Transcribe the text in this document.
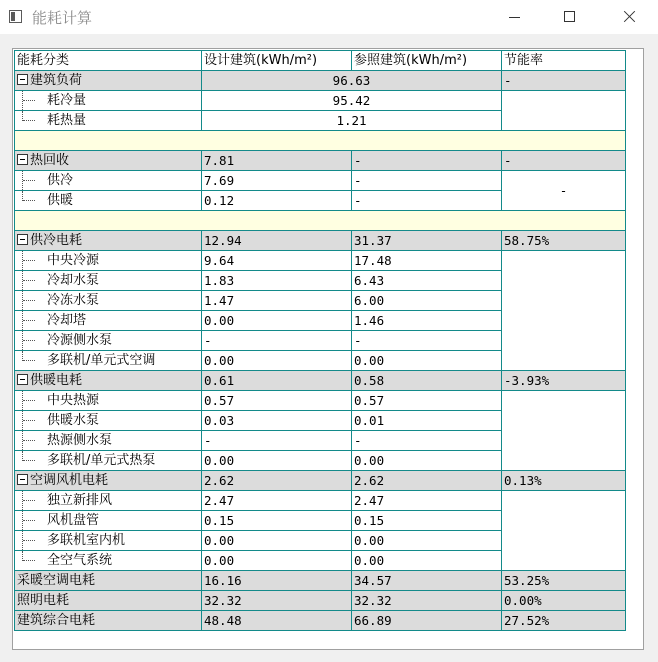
能耗计算
能耗分类	设计建筑(kWh/m²)	参照建筑(kWh/m²)	节能率
建筑负荷	96.63		-

耗冷量	95.42		

耗热量	1.21		

热回收	7.81	-	-

供冷	7.69	-	-

供暖	0.12	-	

供冷电耗	12.94	31.37	58.75%

中央冷源	9.64	17.48	

冷却水泵	1.83	6.43	

冷冻水泵	1.47	6.00	

冷却塔	0.00	1.46	

冷源侧水泵	-	-	

多联机/单元式空调	0.00	0.00	
供暖电耗	0.61	0.58	-3.93%

中央热源	0.57	0.57	

供暖水泵	0.03	0.01	

热源侧水泵	-	-	

多联机/单元式热泵	0.00	0.00	
空调风机电耗	2.62	2.62	0.13%

独立新排风	2.47	2.47	

风机盘管	0.15	0.15	

多联机室内机	0.00	0.00	

全空气系统	0.00	0.00	
采暖空调电耗	16.16	34.57	53.25%
照明电耗	32.32	32.32	0.00%
建筑综合电耗	48.48	66.89	27.52%
